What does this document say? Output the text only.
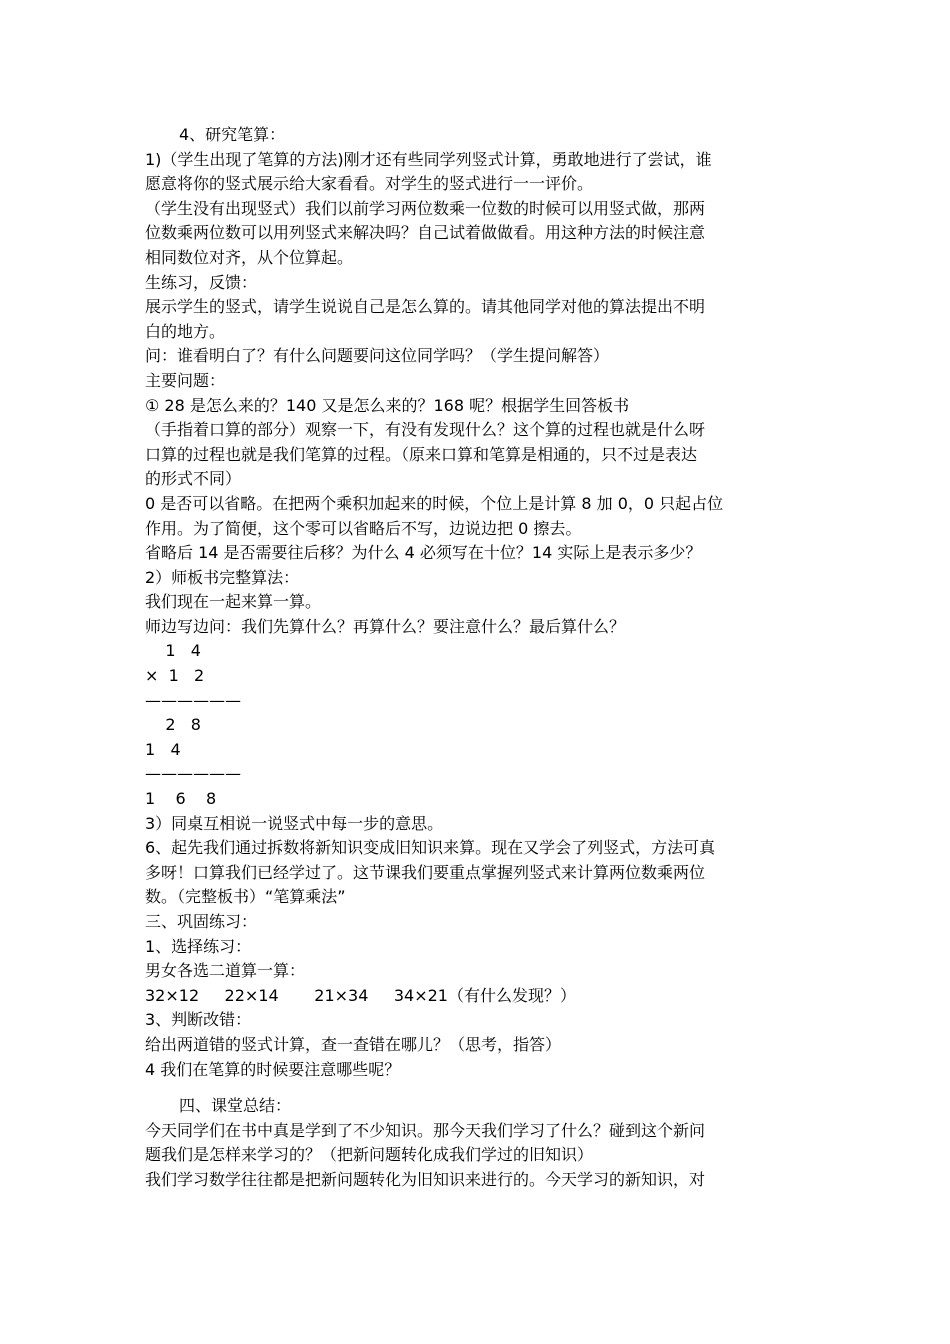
4、研究笔算：
1)（学生出现了笔算的方法)刚才还有些同学列竖式计算，勇敢地进行了尝试，谁
愿意将你的竖式展示给大家看看。对学生的竖式进行一一评价。
（学生没有出现竖式）我们以前学习两位数乘一位数的时候可以用竖式做，那两
位数乘两位数可以用列竖式来解决吗？自己试着做做看。用这种方法的时候注意
相同数位对齐，从个位算起。
生练习，反馈：
展示学生的竖式，请学生说说自己是怎么算的。请其他同学对他的算法提出不明
白的地方。
问：谁看明白了？有什么问题要问这位同学吗？（学生提问解答）
主要问题：
① 28 是怎么来的？140 又是怎么来的？168 呢？根据学生回答板书
（手指着口算的部分）观察一下，有没有发现什么？这个算的过程也就是什么呀
口算的过程也就是我们笔算的过程。（原来口算和笔算是相通的，只不过是表达
的形式不同）
0 是否可以省略。在把两个乘积加起来的时候，个位上是计算 8 加 0，0 只起占位
作用。为了简便，这个零可以省略后不写，边说边把 0 擦去。
省略后 14 是否需要往后移？为什么 4 必须写在十位？14 实际上是表示多少？
2）师板书完整算法：
我们现在一起来算一算。
师边写边问：我们先算什么？再算什么？要注意什么？最后算什么？
1   4
×  1   2
——————
2   8
1   4
——————
1    6    8
3）同桌互相说一说竖式中每一步的意思。
6、起先我们通过拆数将新知识变成旧知识来算。现在又学会了列竖式，方法可真
多呀！口算我们已经学过了。这节课我们要重点掌握列竖式来计算两位数乘两位
数。（完整板书）“笔算乘法”
三、巩固练习：
1、选择练习：
男女各选二道算一算：
32×12     22×14       21×34     34×21（有什么发现？）
3、判断改错：
给出两道错的竖式计算，查一查错在哪儿？（思考，指答）
4 我们在笔算的时候要注意哪些呢？
四、课堂总结：
今天同学们在书中真是学到了不少知识。那今天我们学习了什么？碰到这个新问
题我们是怎样来学习的？（把新问题转化成我们学过的旧知识）
我们学习数学往往都是把新问题转化为旧知识来进行的。今天学习的新知识，对
